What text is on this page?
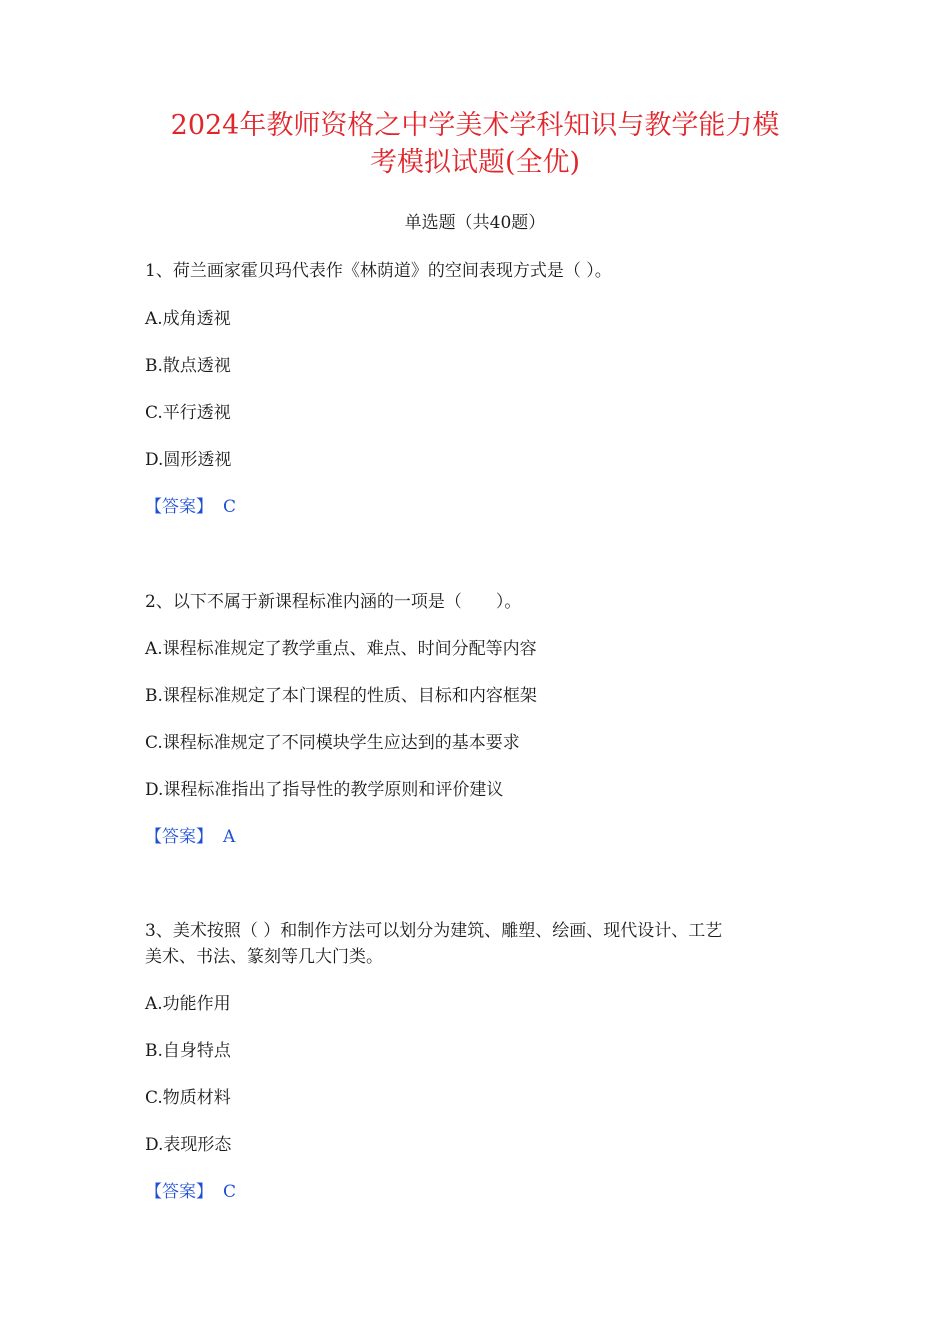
2024年教师资格之中学美术学科知识与教学能力模
考模拟试题(全优)
单选题（共40题）
1、荷兰画家霍贝玛代表作《林荫道》的空间表现方式是（ ）。
A.成角透视
B.散点透视
C.平行透视
D.圆形透视
【答案】 C
2、以下不属于新课程标准内涵的一项是（　　）。
A.课程标准规定了教学重点、难点、时间分配等内容
B.课程标准规定了本门课程的性质、目标和内容框架
C.课程标准规定了不同模块学生应达到的基本要求
D.课程标准指出了指导性的教学原则和评价建议
【答案】 A
3、美术按照（ ）和制作方法可以划分为建筑、雕塑、绘画、现代设计、工艺
美术、书法、篆刻等几大门类。
A.功能作用
B.自身特点
C.物质材料
D.表现形态
【答案】 C
